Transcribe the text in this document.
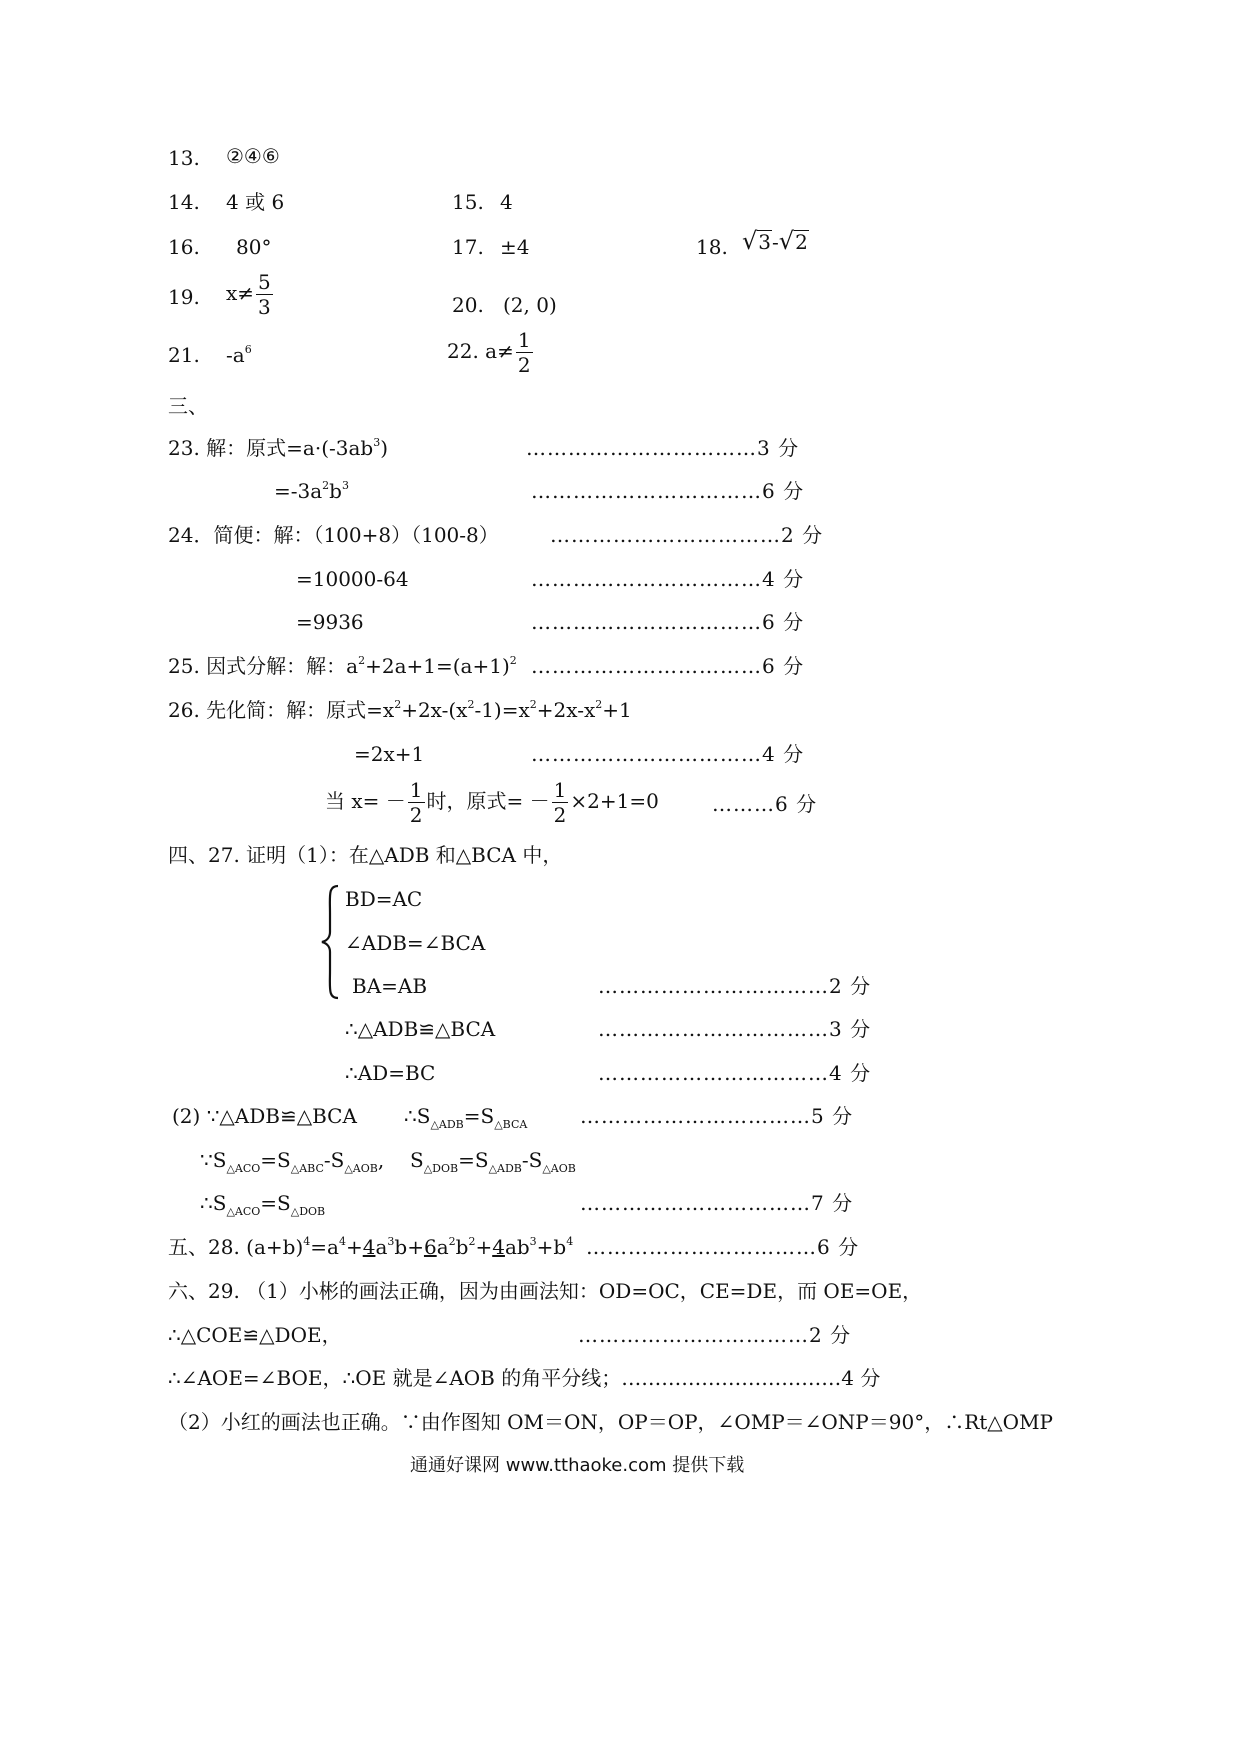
13. ②④⑥
14. 4 或 6	15. 4
16. 80°	17. ±4	18. √ 3 - √ 2
19. $x\ne \frac{5}{3}$	20. (2, 0)
21. $-a^6$	22. $a\ne \frac{1}{2}$
三、
23. 解：原式$=a\cdot(-3ab^3)$	……………………………3 分
$=-3a^2b^3$	……………………………6 分
24．简便：解：（100+8）（100-8）	……………………………2 分
=10000-64	……………………………4 分
=9936	……………………………6 分
25. 因式分解：解：$a^2+2a+1=(a+1)^2$ ……………………………6 分
26. 先化简：解：原式$=x^2+2x-(x^2-1)=x^2+2x-x^2+1$
=2x+1	……………………………4 分
当 $x= - \frac{1}{2}$ 时，原式= － $\frac{1}{2} \times 2+1=0$	………6 分
四、27. 证明（1）：在△ADB 和△BCA 中，
BD=AC
∠ADB=∠BCA
BA=AB	……………………………2 分
∴△ADB≌△BCA	……………………………3 分
∴AD=BC	……………………………4 分
(2) ∵△ADB≌△BCA $\therefore S_{\triangle ADB}=S_{\triangle BCA}$	……………………………5 分
$\because S_{\triangle ACO}=S_{\triangle ABC}-S_{\triangle AOB}$, $S_{\triangle DOB}=S_{\triangle ADB}-S_{\triangle AOB}$
$\therefore S_{\triangle ACO}=S_{\triangle DOB}$	……………………………7 分
五、28. $(a+b)^4=a^4+4a^3b+6a^2b^2+4ab^3+b^4$ ……………………………6 分
六、29. （1）小彬的画法正确，因为由画法知：OD=OC，CE=DE，而 OE=OE，
∴△COE≌△DOE，	……………………………2 分
∴∠AOE=∠BOE，∴OE 就是∠AOB 的角平分线；……………………………4 分
（2）小红的画法也正确。∵由作图知 OM＝ON，OP＝OP，∠OMP＝∠ONP＝90°，∴Rt△OMP
通通好课网 www.tthaoke.com 提供下载
